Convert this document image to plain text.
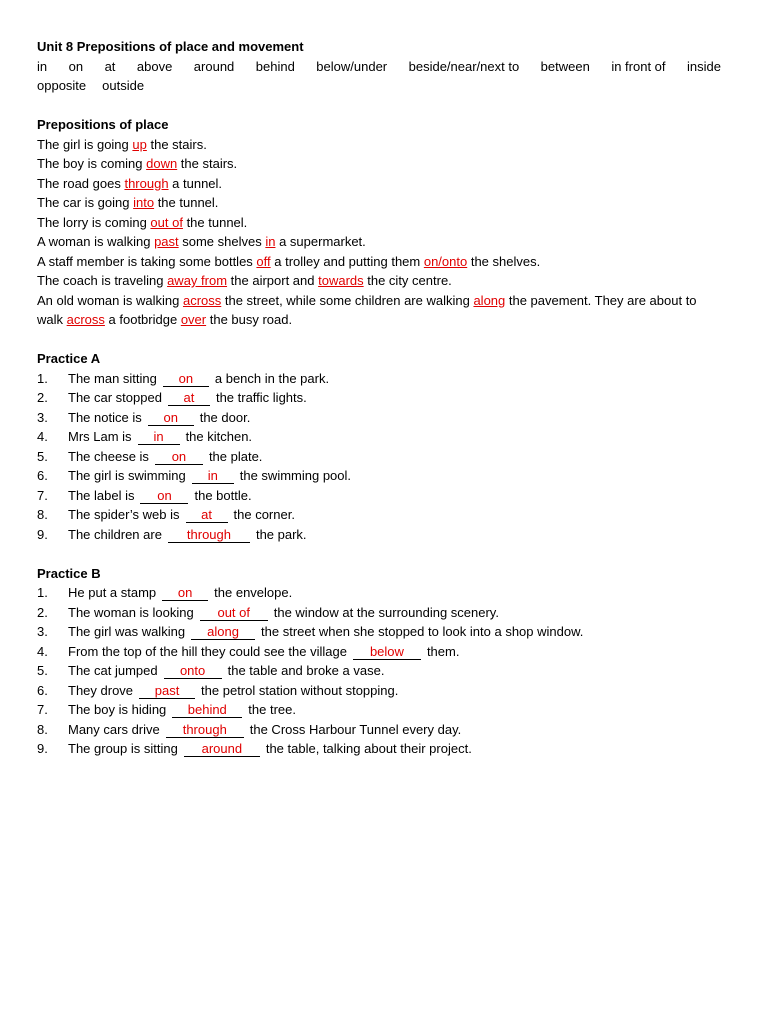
Unit 8 Prepositions of place and movement
in on at above around behind below/under beside/near/next to between in front of inside
opposite outside
Prepositions of place
The girl is going up the stairs.
The boy is coming down the stairs.
The road goes through a tunnel.
The car is going into the tunnel.
The lorry is coming out of the tunnel.
A woman is walking past some shelves in a supermarket.
A staff member is taking some bottles off a trolley and putting them on/onto the shelves.
The coach is traveling away from the airport and towards the city centre.
An old woman is walking across the street, while some children are walking along the pavement. They are about to walk across a footbridge over the busy road.
Practice A
1.	The man sitting on a bench in the park.
2.	The car stopped at the traffic lights.
3.	The notice is on the door.
4.	Mrs Lam is in the kitchen.
5.	The cheese is on the plate.
6.	The girl is swimming in the swimming pool.
7.	The label is on the bottle.
8.	The spider’s web is at the corner.
9.	The children are through the park.
Practice B
1.	He put a stamp on the envelope.
2.	The woman is looking out of the window at the surrounding scenery.
3.	The girl was walking along the street when she stopped to look into a shop window.
4.	From the top of the hill they could see the village below them.
5.	The cat jumped onto the table and broke a vase.
6.	They drove past the petrol station without stopping.
7.	The boy is hiding behind the tree.
8.	Many cars drive through the Cross Harbour Tunnel every day.
9.	The group is sitting around the table, talking about their project.
